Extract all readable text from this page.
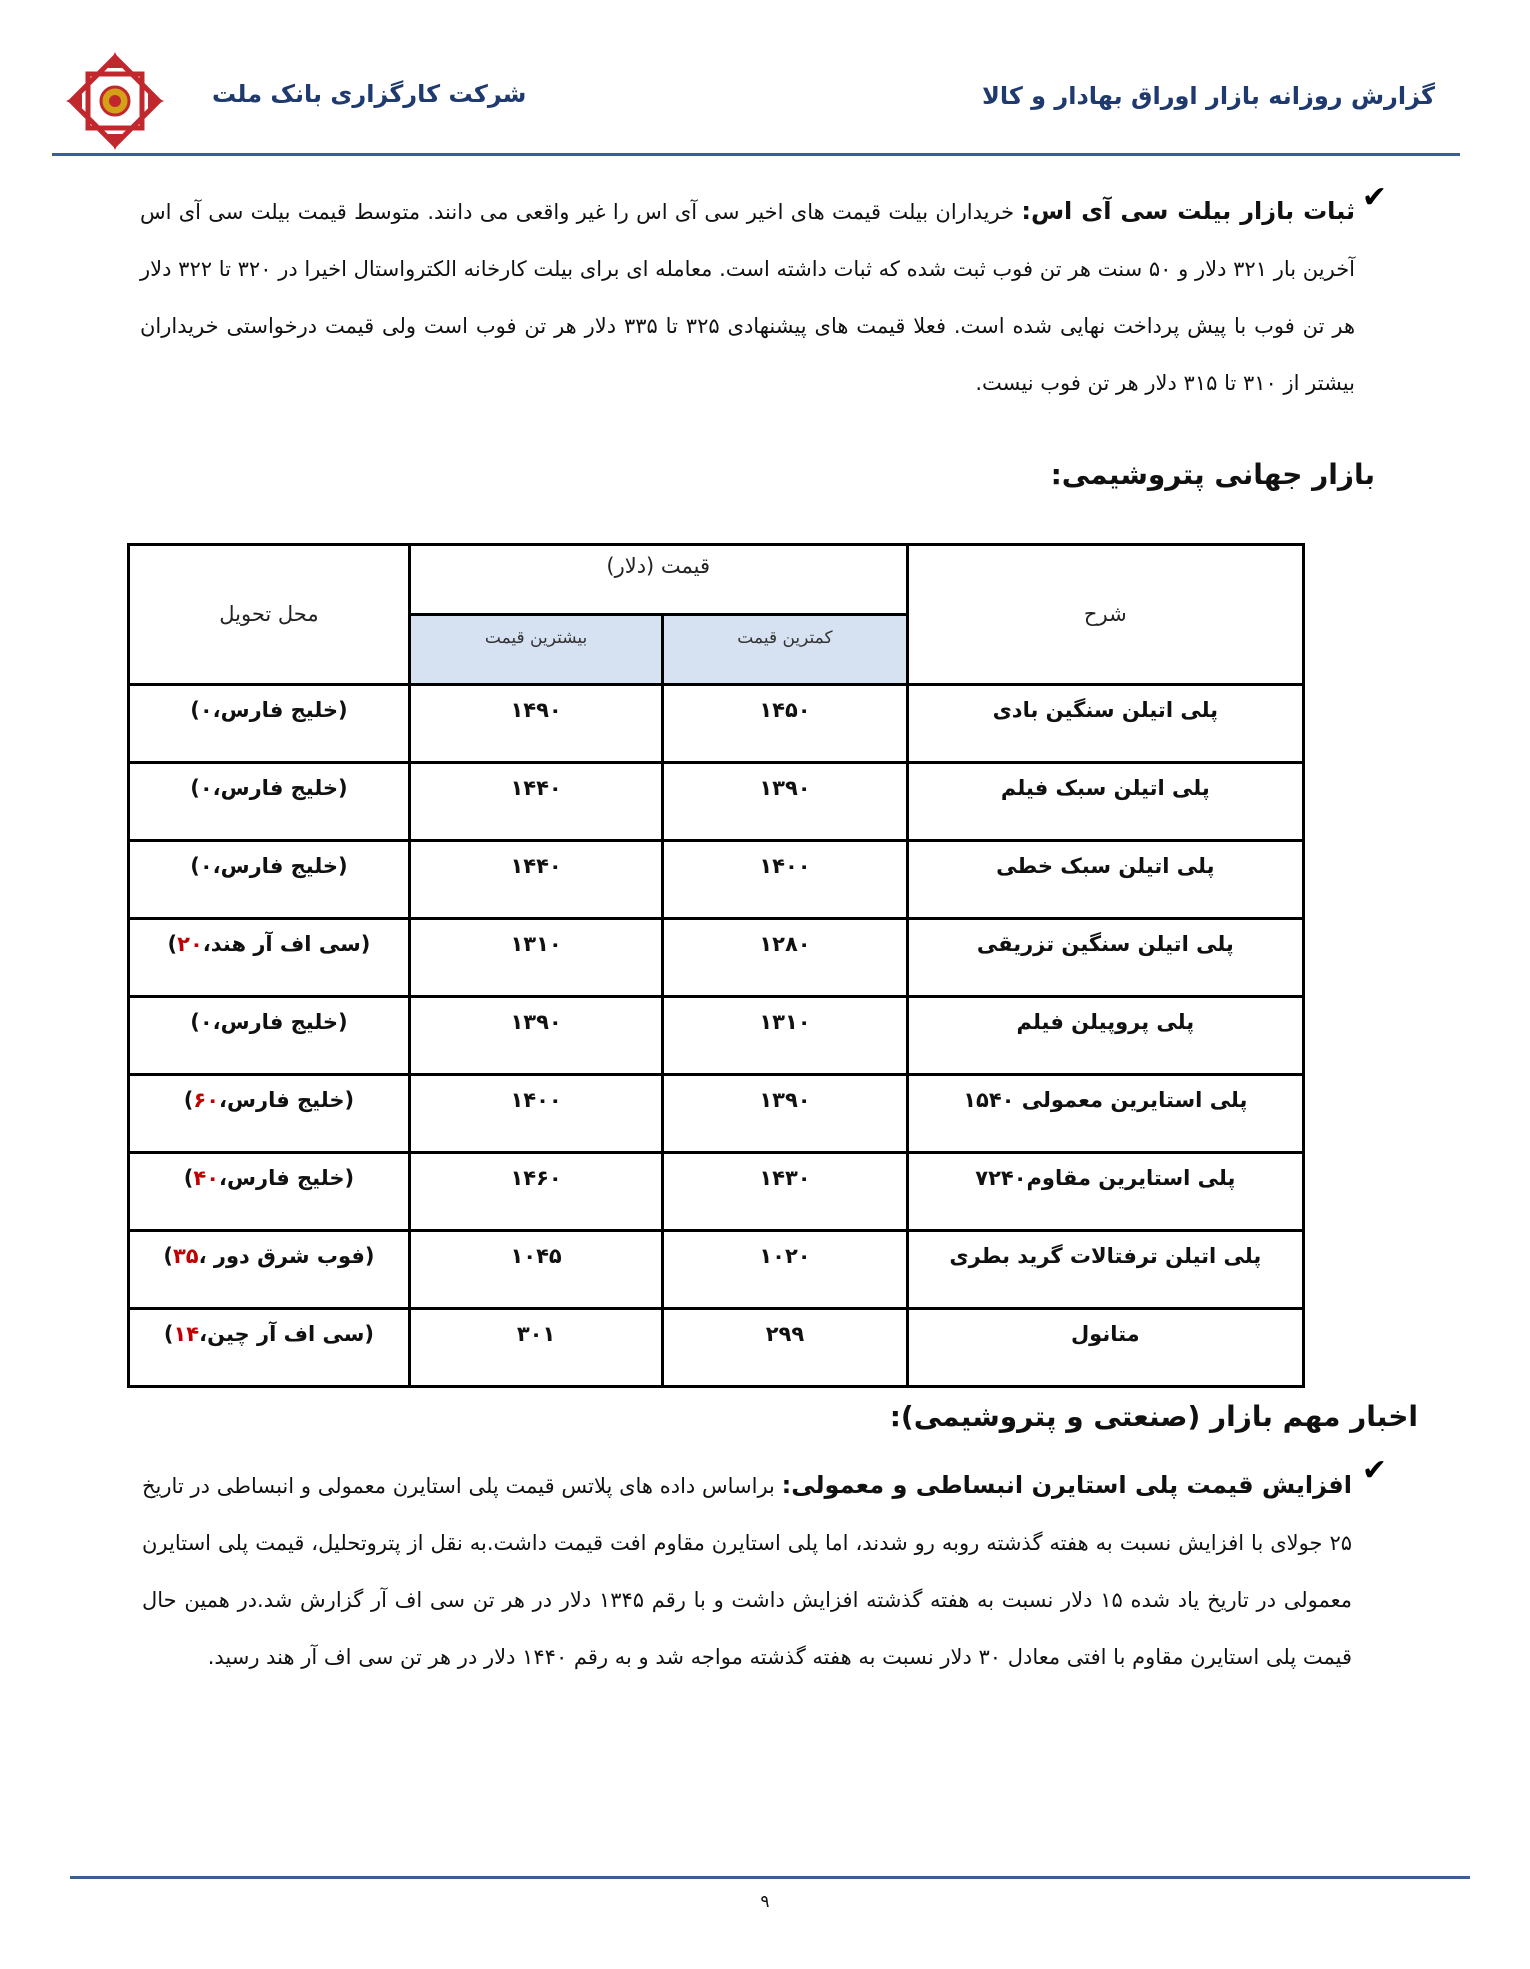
شرکت کارگزاری بانک ملت	گزارش روزانه بازار اوراق بهادار و کالا
✔
ثبات بازار بیلت سی آی اس: خریداران بیلت قیمت های اخیر سی آی اس را غیر واقعی می دانند. متوسط قیمت بیلت سی آی اس آخرین بار ۳۲۱ دلار و ۵۰ سنت هر تن فوب ثبت شده که ثبات داشته است. معامله ای برای بیلت کارخانه الکترواستال اخیرا در ۳۲۰ تا ۳۲۲ دلار هر تن فوب با پیش پرداخت نهایی شده است. فعلا قیمت های پیشنهادی ۳۲۵ تا ۳۳۵ دلار هر تن فوب است ولی قیمت درخواستی خریداران بیشتر از ۳۱۰ تا ۳۱۵ دلار هر تن فوب نیست.
بازار جهانی پتروشیمی:
شرح	قیمت (دلار)		محل تحویل
	کمترین قیمت	بیشترین قیمت	
پلی اتیلن سنگین بادی	۱۴۵۰	۱۴۹۰	(خلیج فارس،۰)
پلی اتیلن سبک فیلم	۱۳۹۰	۱۴۴۰	(خلیج فارس،۰)
پلی اتیلن سبک خطی	۱۴۰۰	۱۴۴۰	(خلیج فارس،۰)
پلی اتیلن سنگین تزریقی	۱۲۸۰	۱۳۱۰	(سی اف آر هند،۲۰)
پلی پروپیلن فیلم	۱۳۱۰	۱۳۹۰	(خلیج فارس،۰)
پلی استایرین معمولی ۱۵۴۰	۱۳۹۰	۱۴۰۰	(خلیج فارس،۶۰)
پلی استایرین مقاوم۷۲۴۰	۱۴۳۰	۱۴۶۰	(خلیج فارس،۴۰)
پلی اتیلن ترفتالات گرید بطری	۱۰۲۰	۱۰۴۵	(فوب شرق دور ،۳۵)
متانول	۲۹۹	۳۰۱	(سی اف آر چین،۱۴)
اخبار مهم بازار (صنعتی و پتروشیمی):
✔
افزایش قیمت پلی استایرن انبساطی و معمولی: براساس داده های پلاتس قیمت پلی استایرن معمولی و انبساطی در تاریخ ۲۵ جولای با افزایش نسبت به هفته گذشته روبه رو شدند، اما پلی استایرن مقاوم افت قیمت داشت.به نقل از پتروتحلیل، قیمت پلی استایرن معمولی در تاریخ یاد شده ۱۵ دلار نسبت به هفته گذشته افزایش داشت و با رقم ۱۳۴۵ دلار در هر تن سی اف آر گزارش شد.در همین حال قیمت پلی استایرن مقاوم با افتی معادل ۳۰ دلار نسبت به هفته گذشته مواجه شد و به رقم ۱۴۴۰ دلار در هر تن سی اف آر هند رسید.
۹
